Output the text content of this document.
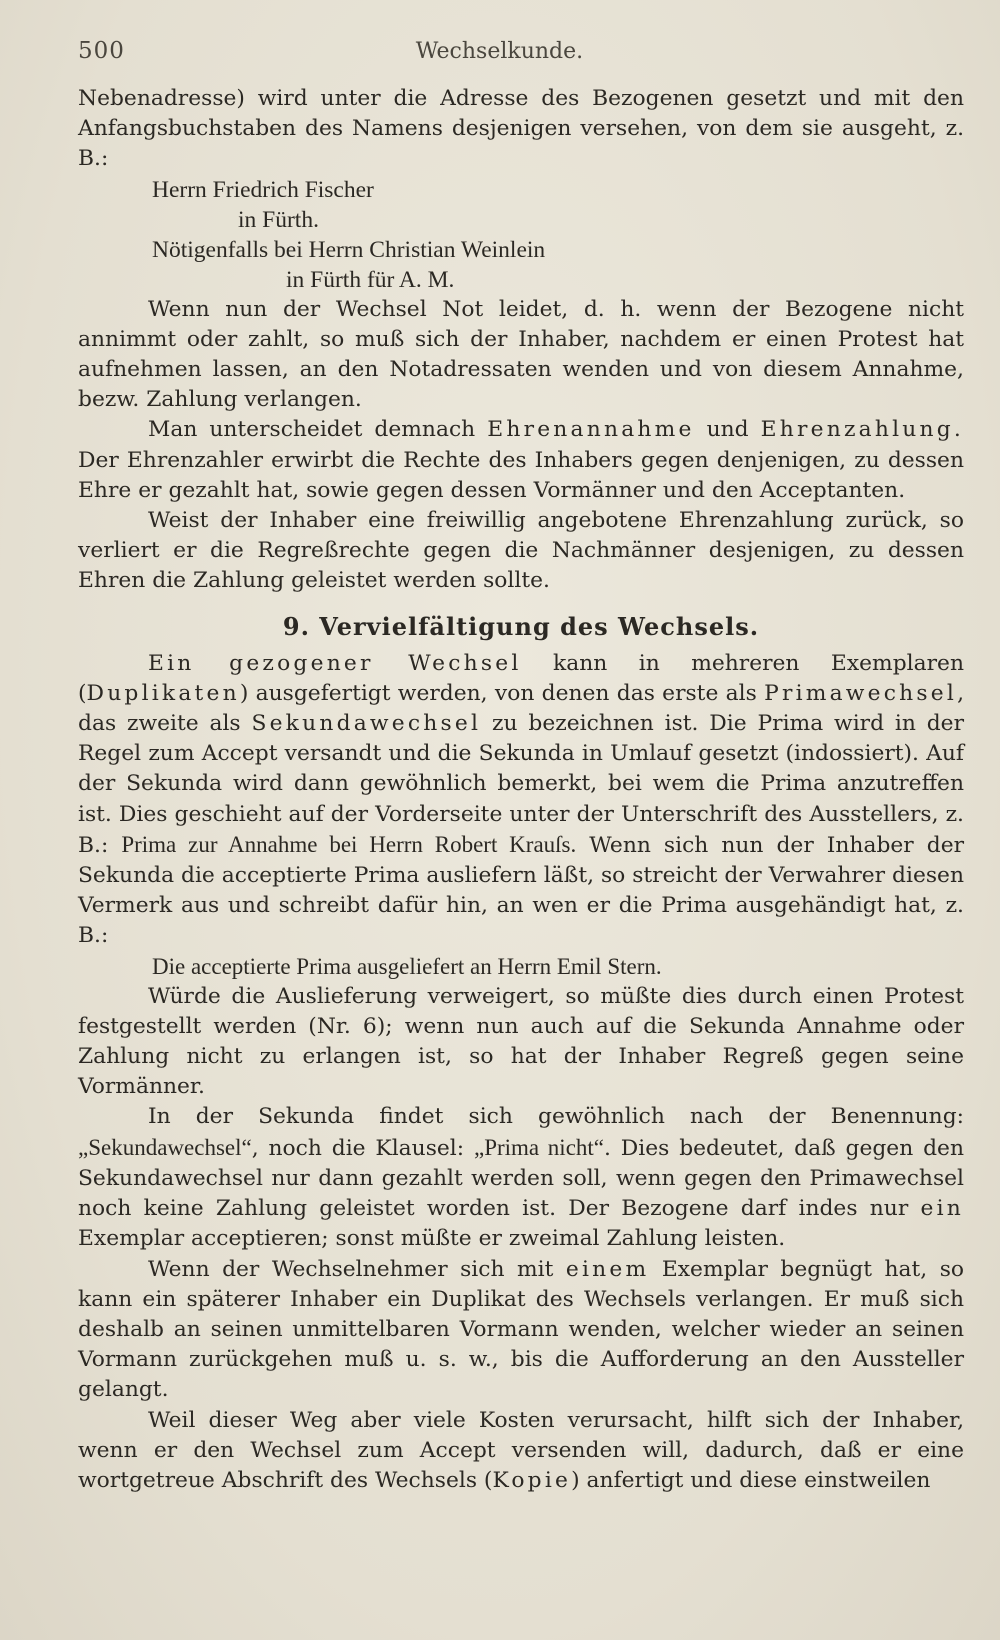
500	Wechselkunde.

Nebenadresse) wird unter die Adresse des Bezogenen gesetzt und mit den Anfangsbuchstaben des Namens desjenigen versehen, von dem sie ausgeht, z. B.:

Herrn Friedrich Fischer

in Fürth.

Nötigenfalls bei Herrn Christian Weinlein

in Fürth für A. M.

Wenn nun der Wechsel Not leidet, d. h. wenn der Bezogene nicht annimmt oder zahlt, so muß sich der Inhaber, nachdem er einen Protest hat aufnehmen lassen, an den Notadressaten wenden und von diesem Annahme, bezw. Zahlung verlangen.

Man unterscheidet demnach Ehrenannahme und Ehrenzahlung. Der Ehrenzahler erwirbt die Rechte des Inhabers gegen denjenigen, zu dessen Ehre er gezahlt hat, sowie gegen dessen Vormänner und den Acceptanten.

Weist der Inhaber eine freiwillig angebotene Ehrenzahlung zurück, so verliert er die Regreßrechte gegen die Nachmänner desjenigen, zu dessen Ehren die Zahlung geleistet werden sollte.

9. Vervielfältigung des Wechsels.

Ein gezogener Wechsel kann in mehreren Exemplaren (Duplikaten) ausgefertigt werden, von denen das erste als Primawechsel, das zweite als Sekundawechsel zu bezeichnen ist. Die Prima wird in der Regel zum Accept versandt und die Sekunda in Umlauf gesetzt (indossiert). Auf der Sekunda wird dann gewöhnlich bemerkt, bei wem die Prima anzutreffen ist. Dies geschieht auf der Vorderseite unter der Unterschrift des Ausstellers, z. B.: Prima zur Annahme bei Herrn Robert Krauſs. Wenn sich nun der Inhaber der Sekunda die acceptierte Prima ausliefern läßt, so streicht der Verwahrer diesen Vermerk aus und schreibt dafür hin, an wen er die Prima ausgehändigt hat, z. B.:

Die acceptierte Prima ausgeliefert an Herrn Emil Stern.

Würde die Auslieferung verweigert, so müßte dies durch einen Protest festgestellt werden (Nr. 6); wenn nun auch auf die Sekunda Annahme oder Zahlung nicht zu erlangen ist, so hat der Inhaber Regreß gegen seine Vormänner.

In der Sekunda findet sich gewöhnlich nach der Benennung: „Sekundawechsel“, noch die Klausel: „Prima nicht“. Dies bedeutet, daß gegen den Sekundawechsel nur dann gezahlt werden soll, wenn gegen den Primawechsel noch keine Zahlung geleistet worden ist. Der Bezogene darf indes nur ein Exemplar acceptieren; sonst müßte er zweimal Zahlung leisten.

Wenn der Wechselnehmer sich mit einem Exemplar begnügt hat, so kann ein späterer Inhaber ein Duplikat des Wechsels verlangen. Er muß sich deshalb an seinen unmittelbaren Vormann wenden, welcher wieder an seinen Vormann zurückgehen muß u. s. w., bis die Aufforderung an den Aussteller gelangt.

Weil dieser Weg aber viele Kosten verursacht, hilft sich der Inhaber, wenn er den Wechsel zum Accept versenden will, dadurch, daß er eine wortgetreue Abschrift des Wechsels (Kopie) anfertigt und diese einstweilen
